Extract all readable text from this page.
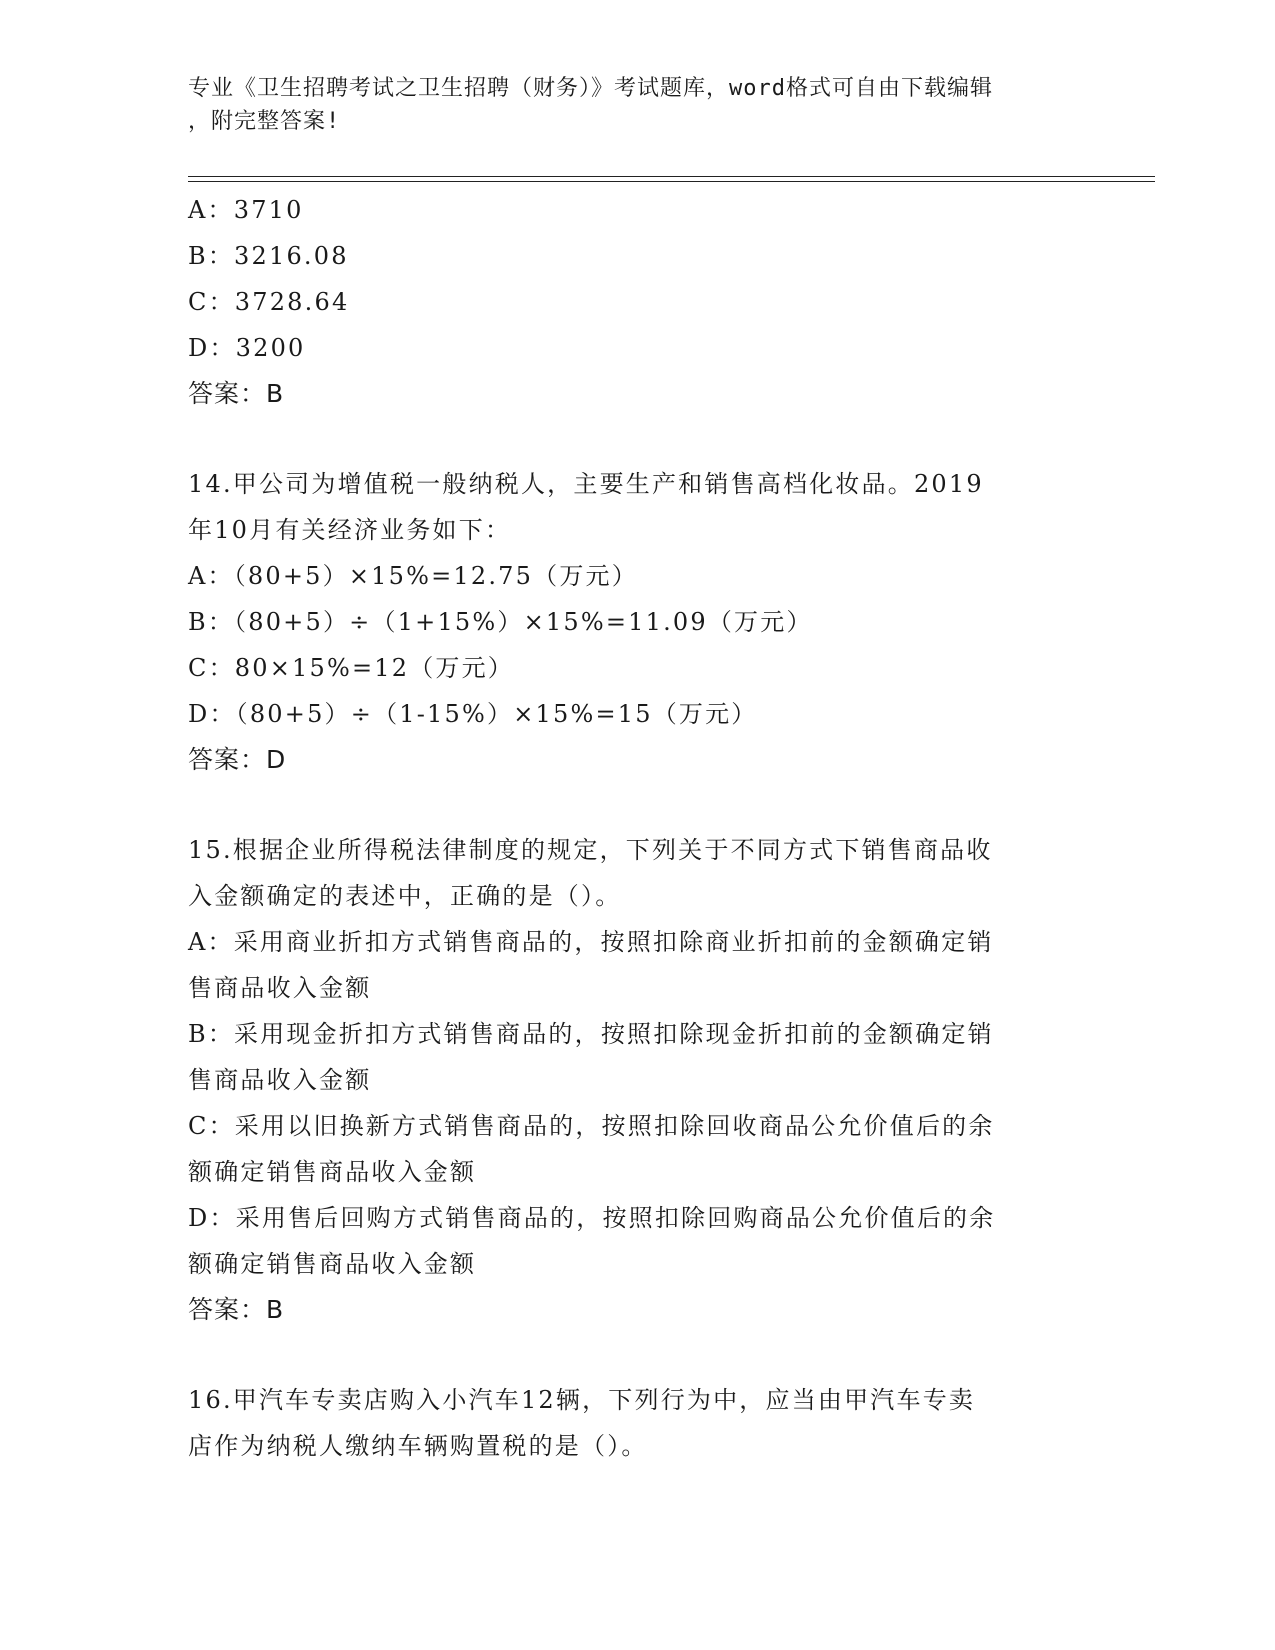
专业《卫生招聘考试之卫生招聘（财务）》考试题库，word格式可自由下载编辑
，附完整答案!
A：3710
B：3216.08
C：3728.64
D：3200
答案：B
14.甲公司为增值税一般纳税人，主要生产和销售高档化妆品。2019
年10月有关经济业务如下：
A：（80+5）×15%=12.75（万元）
B：（80+5）÷（1+15%）×15%=11.09（万元）
C：80×15%=12（万元）
D：（80+5）÷（1-15%）×15%=15（万元）
答案：D
15.根据企业所得税法律制度的规定，下列关于不同方式下销售商品收
入金额确定的表述中，正确的是（）。
A：采用商业折扣方式销售商品的，按照扣除商业折扣前的金额确定销
售商品收入金额
B：采用现金折扣方式销售商品的，按照扣除现金折扣前的金额确定销
售商品收入金额
C：采用以旧换新方式销售商品的，按照扣除回收商品公允价值后的余
额确定销售商品收入金额
D：采用售后回购方式销售商品的，按照扣除回购商品公允价值后的余
额确定销售商品收入金额
答案：B
16.甲汽车专卖店购入小汽车12辆，下列行为中，应当由甲汽车专卖
店作为纳税人缴纳车辆购置税的是（）。
